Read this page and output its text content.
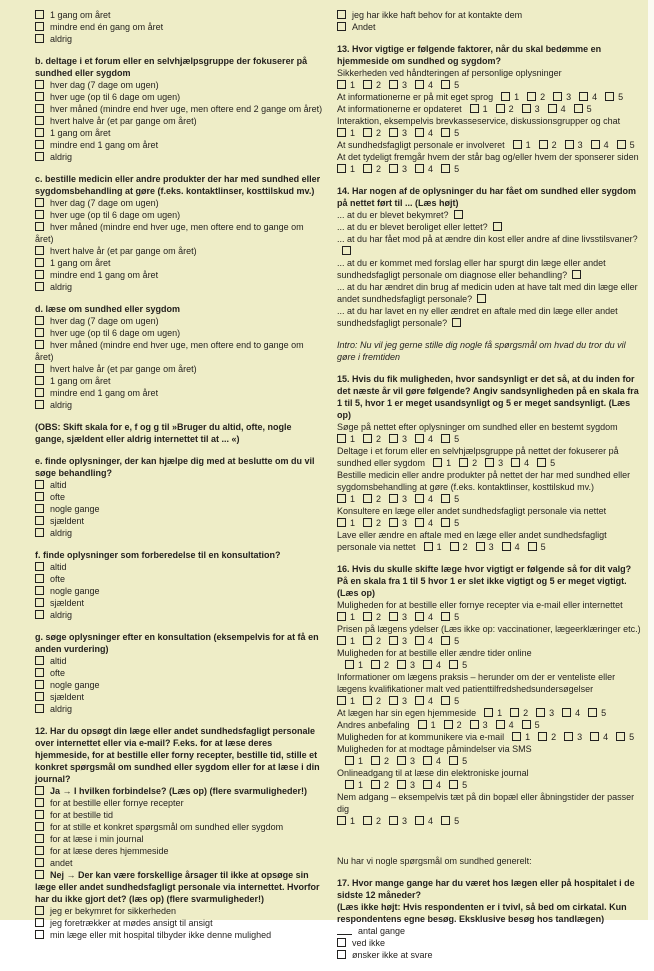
1 gang om året
mindre end én gang om året
aldrig
b. deltage i et forum eller en selvhjælpsgruppe der fokuserer på sundhed eller sygdom
hver dag (7 dage om ugen)
hver uge (op til 6 dage om ugen)
hver måned (mindre end hver uge, men oftere end 2 gange om året)
hvert halve år (et par gange om året)
1 gang om året
mindre end 1 gang om året
aldrig
c. bestille medicin eller andre produkter der har med sundhed eller sygdomsbehandling at gøre (f.eks. kontaktlinser, kosttilskud mv.)
hver dag (7 dage om ugen)
hver uge (op til 6 dage om ugen)
hver måned (mindre end hver uge, men oftere end to gange om året)
hvert halve år (et par gange om året)
1 gang om året
mindre end 1 gang om året
aldrig
d. læse om sundhed eller sygdom
hver dag (7 dage om ugen)
hver uge (op til 6 dage om ugen)
hver måned (mindre end hver uge, men oftere end to gange om året)
hvert halve år (et par gange om året)
1 gang om året
mindre end 1 gang om året
aldrig
(OBS: Skift skala for e, f og g til »Bruger du altid, ofte, nogle gange, sjældent eller aldrig internettet til at ... «)
e. finde oplysninger, der kan hjælpe dig med at beslutte om du vil søge behandling?
altid
ofte
nogle gange
sjældent
aldrig
f. finde oplysninger som forberedelse til en konsultation?
altid
ofte
nogle gange
sjældent
aldrig
g. søge oplysninger efter en konsultation (eksempelvis for at få en anden vurdering)
altid
ofte
nogle gange
sjældent
aldrig
12. Har du opsøgt din læge eller andet sundhedsfagligt personale over internettet eller via e-mail? F.eks. for at læse deres hjemmeside, for at bestille eller forny recepter, bestille tid, stille et konkret spørgsmål om sundhed eller sygdom eller for at læse i din journal?
Ja → I hvilken forbindelse? (Læs op) (flere svarmuligheder!)
for at bestille eller fornye recepter
for at bestille tid
for at stille et konkret spørgsmål om sundhed eller sygdom
for at læse i min journal
for at læse deres hjemmeside
andet
Nej → Der kan være forskellige årsager til ikke at opsøge sin læge eller andet sundhedsfagligt personale via internettet. Hvorfor har du ikke gjort det? (læs op) (flere svarmuligheder!)
jeg er bekymret for sikkerheden
jeg foretrækker at mødes ansigt til ansigt
min læge eller mit hospital tilbyder ikke denne mulighed
jeg har ikke haft behov for at kontakte dem
Andet
13. Hvor vigtige er følgende faktorer, når du skal bedømme en hjemmeside om sundhed og sygdom?
Sikkerheden ved håndteringen af personlige oplysninger
1 2 3 4 5
At informationerne er på mit eget sprog 1 2 3 4 5
At informationerne er opdateret 1 2 3 4 5
Interaktion, eksempelvis brevkasseservice, diskussionsgrupper og chat
1 2 3 4 5
At sundhedsfagligt personale er involveret 1 2 3 4 5
At det tydeligt fremgår hvem der står bag og/eller hvem der sponserer siden
1 2 3 4 5
14. Har nogen af de oplysninger du har fået om sundhed eller sygdom på nettet ført til ... (Læs højt)
... at du er blevet bekymret?
... at du er blevet beroliget eller lettet?
... at du har fået mod på at ændre din kost eller andre af dine livsstilsvaner?
... at du er kommet med forslag eller har spurgt din læge eller andet sundhedsfagligt personale om diagnose eller behandling?
... at du har ændret din brug af medicin uden at have talt med din læge eller andet sundhedsfagligt personale?
... at du har lavet en ny eller ændret en aftale med din læge eller andet sundhedsfagligt personale?
Intro: Nu vil jeg gerne stille dig nogle få spørgsmål om hvad du tror du vil gøre i fremtiden
15. Hvis du fik muligheden, hvor sandsynligt er det så, at du inden for det næste år vil gøre følgende? Angiv sandsynligheden på en skala fra 1 til 5, hvor 1 er meget usandsynligt og 5 er meget sandsynligt. (Læs op)
Søge på nettet efter oplysninger om sundhed eller en bestemt sygdom
1 2 3 4 5
Deltage i et forum eller en selvhjælpsgruppe på nettet der fokuserer på sundhed eller sygdom 1 2 3 4 5
Bestille medicin eller andre produkter på nettet der har med sundhed eller sygdomsbehandling at gøre (f.eks. kontaktlinser, kosttilskud mv.)
1 2 3 4 5
Konsultere en læge eller andet sundhedsfagligt personale via nettet
1 2 3 4 5
Lave eller ændre en aftale med en læge eller andet sundhedsfagligt personale via nettet 1 2 3 4 5
16. Hvis du skulle skifte læge hvor vigtigt er følgende så for dit valg? På en skala fra 1 til 5 hvor 1 er slet ikke vigtigt og 5 er meget vigtigt. (Læs op)
Muligheden for at bestille eller fornye recepter via e-mail eller internettet
1 2 3 4 5
Prisen på lægens ydelser (Læs ikke op: vaccinationer, lægeerklæringer etc.)
1 2 3 4 5
Muligheden for at bestille eller ændre tider online1 2 3 4 5
Informationer om lægens praksis – herunder om der er venteliste eller lægens kvalifikationer malt ved patienttilfredshedsundersøgelser
1 2 3 4 5
At lægen har sin egen hjemmeside 1 2 3 4 5
Andres anbefaling 1 2 3 4 5
Muligheden for at kommunikere via e-mail 1 2 3 4 5
Muligheden for at modtage påmindelser via SMS1 2 3 4 5
Onlineadgang til at læse din elektroniske journal1 2 3 4 5
Nem adgang – eksempelvis tæt på din bopæl eller åbningstider der passer dig
1 2 3 4 5
Nu har vi nogle spørgsmål om sundhed generelt:
17. Hvor mange gange har du været hos lægen eller på hospitalet i de sidste 12 måneder?
(Læs ikke højt: Hvis respondenten er i tvivl, så bed om cirkatal. Kun respondentens egne besøg. Eksklusive besøg hos tandlægen)
antal gange
ved ikke
ønsker ikke at svare
